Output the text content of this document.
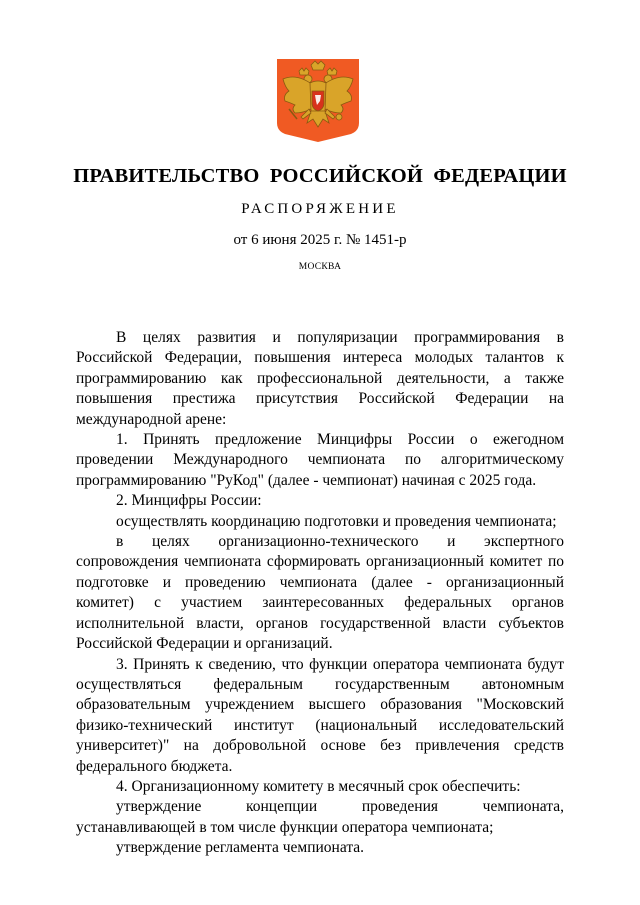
ПРАВИТЕЛЬСТВО РОССИЙСКОЙ ФЕДЕРАЦИИ
РАСПОРЯЖЕНИЕ
от 6 июня 2025 г. № 1451-р
МОСКВА

В целях развития и популяризации программирования в Российской Федерации, повышения интереса молодых талантов к программированию как профессиональной деятельности, а также повышения престижа присутствия Российской Федерации на международной арене:

1. Принять предложение Минцифры России о ежегодном проведении Международного чемпионата по алгоритмическому программированию "РуКод" (далее - чемпионат) начиная с 2025 года.

2. Минцифры России:

осуществлять координацию подготовки и проведения чемпионата;

в целях организационно-технического и экспертного сопровождения чемпионата сформировать организационный комитет по подготовке и проведению чемпионата (далее - организационный комитет) с участием заинтересованных федеральных органов исполнительной власти, органов государственной власти субъектов Российской Федерации и организаций.

3. Принять к сведению, что функции оператора чемпионата будут осуществляться федеральным государственным автономным образовательным учреждением высшего образования "Московский физико-технический институт (национальный исследовательский университет)" на добровольной основе без привлечения средств федерального бюджета.

4. Организационному комитету в месячный срок обеспечить:

утверждение концепции проведения чемпионата, устанавливающей в том числе функции оператора чемпионата;

утверждение регламента чемпионата.
